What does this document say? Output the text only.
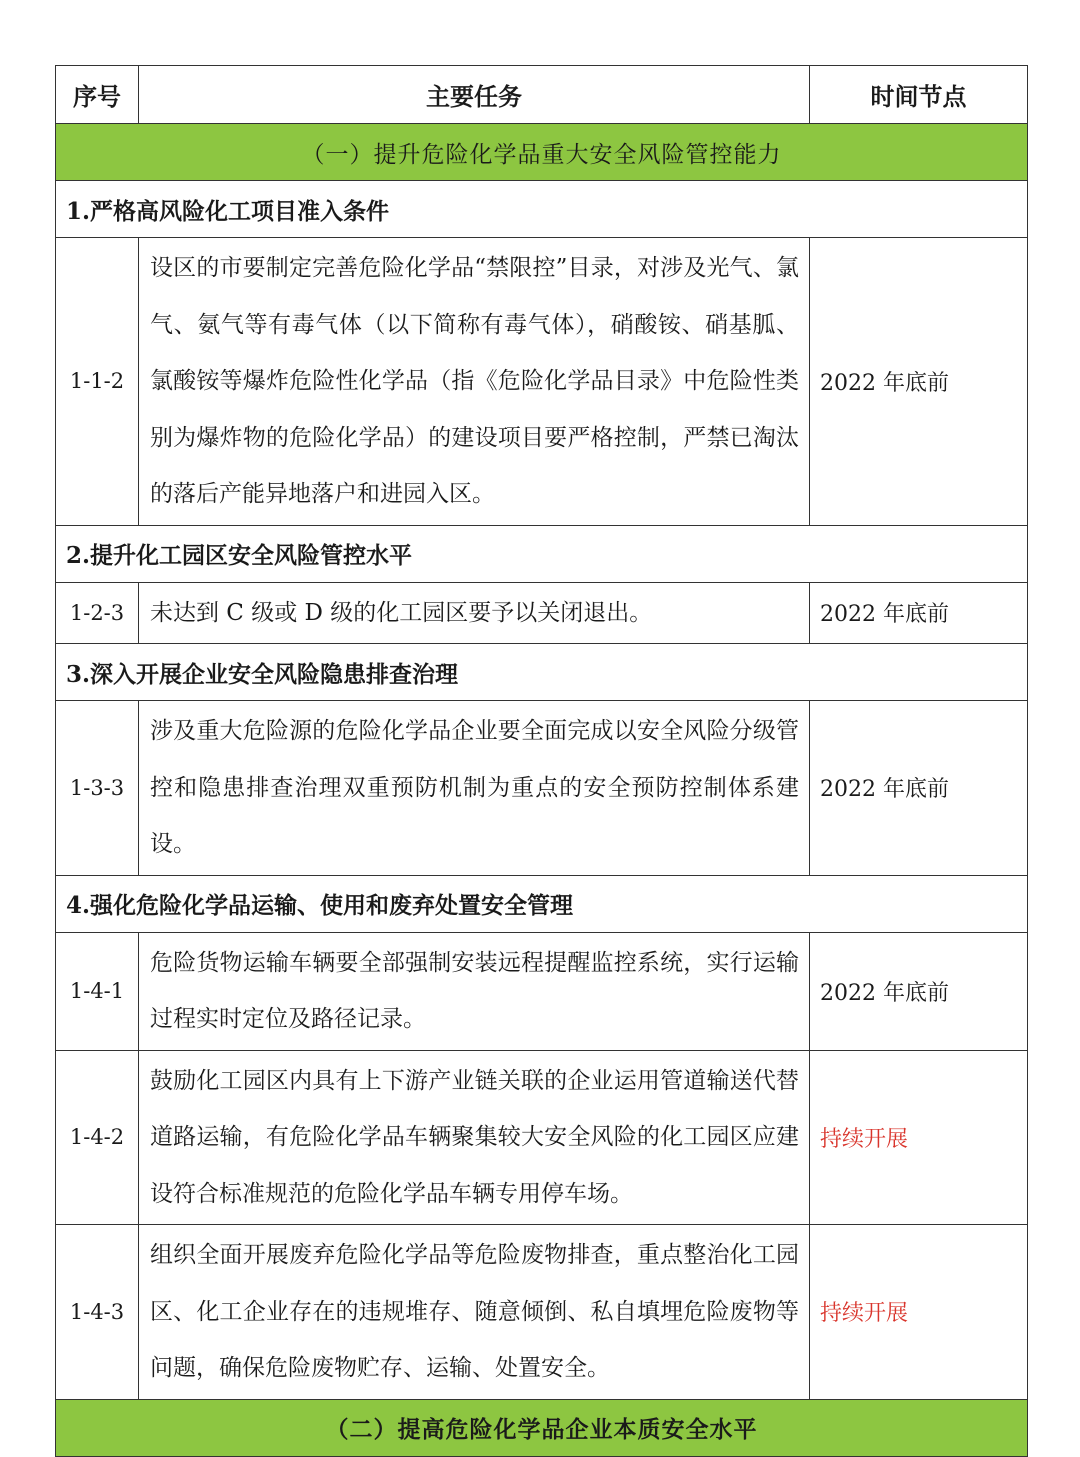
序号	主要任务	时间节点
（一）提升危险化学品重大安全风险管控能力		
1.严格高风险化工项目准入条件		
1-1-2	设区的市要制定完善危险化学品“禁限控”目录，对涉及光气、氯气、氨气等有毒气体（以下简称有毒气体），硝酸铵、硝基胍、氯酸铵等爆炸危险性化学品（指《危险化学品目录》中危险性类别为爆炸物的危险化学品）的建设项目要严格控制，严禁已淘汰的落后产能异地落户和进园入区。	2022 年底前
2.提升化工园区安全风险管控水平		
1-2-3	未达到 C 级或 D 级的化工园区要予以关闭退出。	2022 年底前
3.深入开展企业安全风险隐患排查治理		
1-3-3	涉及重大危险源的危险化学品企业要全面完成以安全风险分级管控和隐患排查治理双重预防机制为重点的安全预防控制体系建设。	2022 年底前
4.强化危险化学品运输、使用和废弃处置安全管理		
1-4-1	危险货物运输车辆要全部强制安装远程提醒监控系统，实行运输过程实时定位及路径记录。	2022 年底前
1-4-2	鼓励化工园区内具有上下游产业链关联的企业运用管道输送代替道路运输，有危险化学品车辆聚集较大安全风险的化工园区应建设符合标准规范的危险化学品车辆专用停车场。	持续开展
1-4-3	组织全面开展废弃危险化学品等危险废物排查，重点整治化工园区、化工企业存在的违规堆存、随意倾倒、私自填埋危险废物等问题，确保危险废物贮存、运输、处置安全。	持续开展
（二）提高危险化学品企业本质安全水平		
